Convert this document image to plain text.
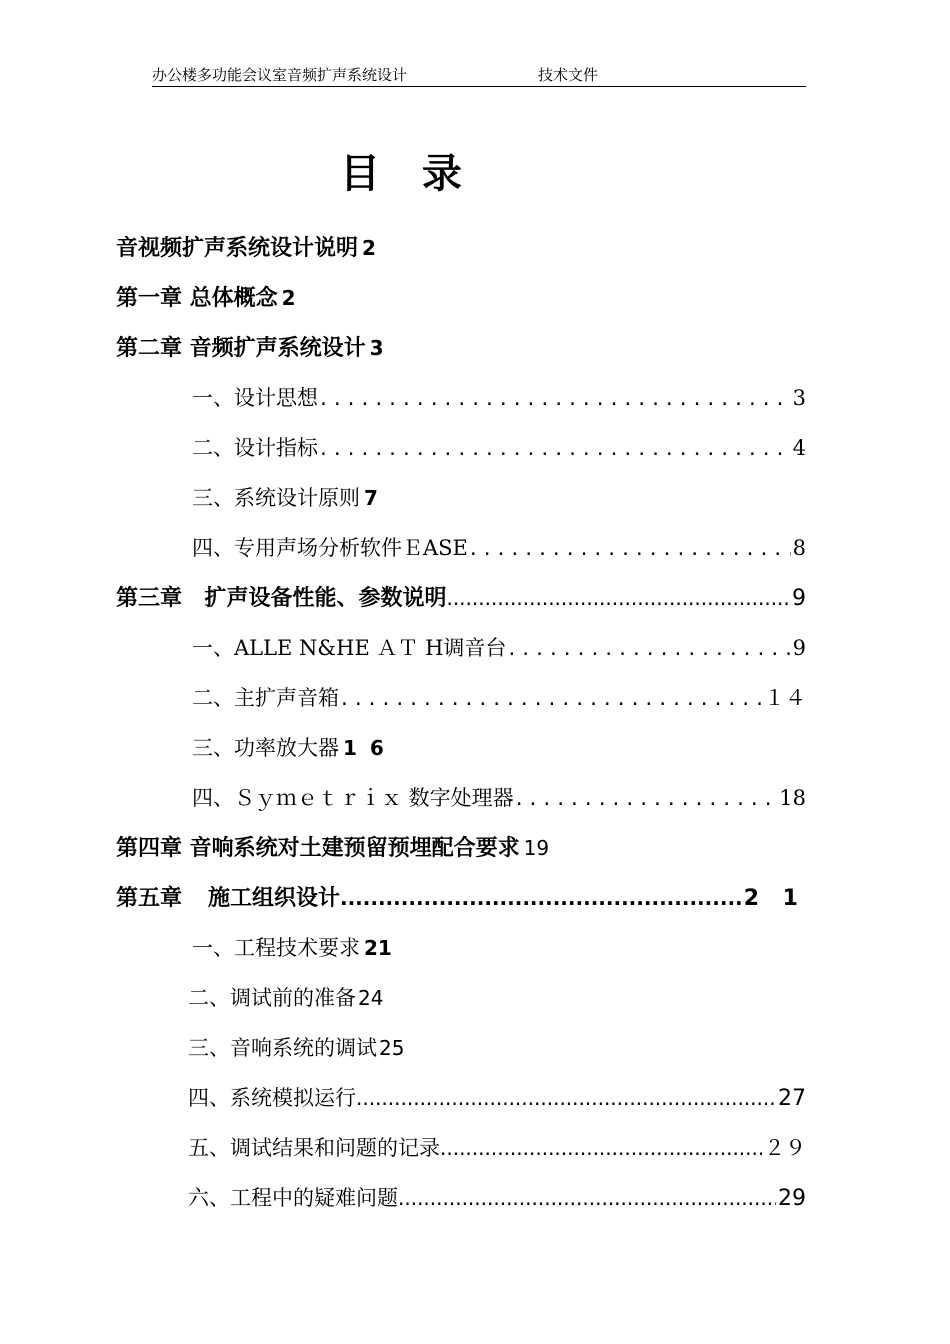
办公楼多功能会议室音频扩声系统设计	技术文件
目 录
音视频扩声系统设计说明 2
第一章 总体概念 2
第二章 音频扩声系统设计 3
一、设计思想 .....	3
二、设计指标 .....	4
三、系统设计原则 7
四、专用声场分析软件ＥASE .....	8
第三章 扩声设备性能、参数说明 .....	9
一、ALLE N&HE ＡＴ H调音台 .....	9
二、主扩声音箱 .....	１４
三、功率放大器 1 6
四、Ｓｙｍｅｔｒｉｘ 数字处理器 .....	18
第四章 音响系统对土建预留预埋配合要求 19
第五章 施工组织设计 .....	2 1
一、工程技术要求 21
二、调试前的准备 24
三、音响系统的调试 25
四、系统模拟运行 .....	27
五、调试结果和问题的记录 .....	２９
六、工程中的疑难问题 .....	29
